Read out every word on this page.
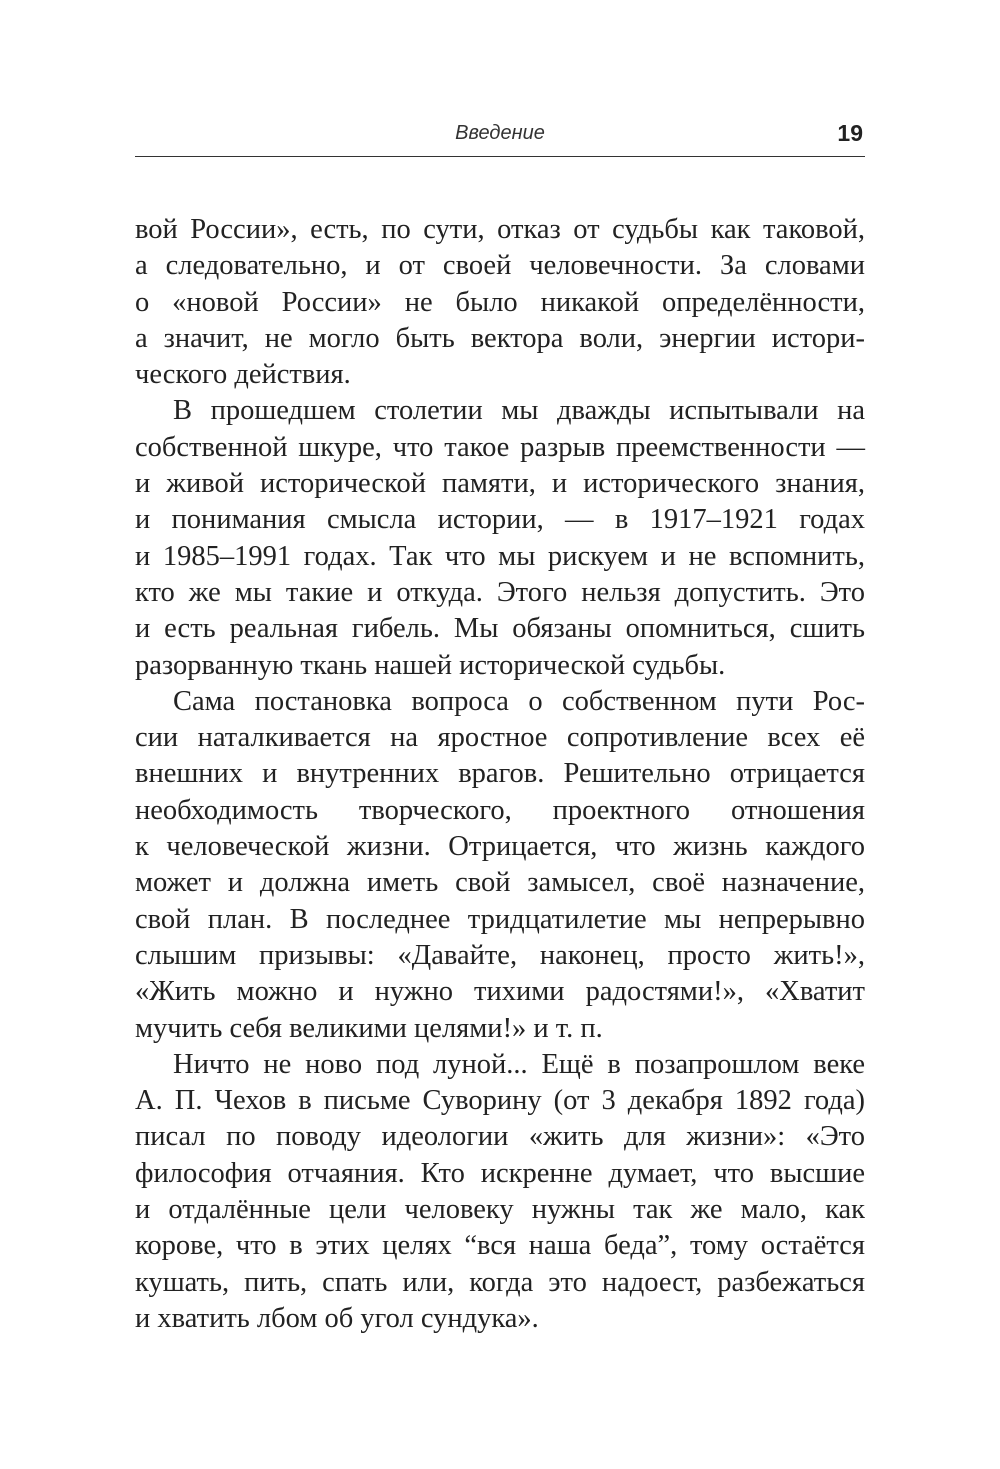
Введение	19
вой России», есть, по сути, отказ от судьбы как таковой,
а следовательно, и от своей человечности. За словами
о «новой России» не было никакой определённости,
а значит, не могло быть вектора воли, энергии истори-
ческого действия.
В прошедшем столетии мы дважды испытывали на
собственной шкуре, что такое разрыв преемственности —
и живой исторической памяти, и исторического знания,
и понимания смысла истории, — в 1917–1921 годах
и 1985–1991 годах. Так что мы рискуем и не вспомнить,
кто же мы такие и откуда. Этого нельзя допустить. Это
и есть реальная гибель. Мы обязаны опомниться, сшить
разорванную ткань нашей исторической судьбы.
Сама постановка вопроса о собственном пути Рос-
сии наталкивается на яростное сопротивление всех её
внешних и внутренних врагов. Решительно отрицается
необходимость творческого, проектного отношения
к человеческой жизни. Отрицается, что жизнь каждого
может и должна иметь свой замысел, своё назначение,
свой план. В последнее тридцатилетие мы непрерывно
слышим призывы: «Давайте, наконец, просто жить!»,
«Жить можно и нужно тихими радостями!», «Хватит
мучить себя великими целями!» и т. п.
Ничто не ново под луной... Ещё в позапрошлом веке
А. П. Чехов в письме Суворину (от 3 декабря 1892 года)
писал по поводу идеологии «жить для жизни»: «Это
философия отчаяния. Кто искренне думает, что высшие
и отдалённые цели человеку нужны так же мало, как
корове, что в этих целях “вся наша беда”, тому остаётся
кушать, пить, спать или, когда это надоест, разбежаться
и хватить лбом об угол сундука».
